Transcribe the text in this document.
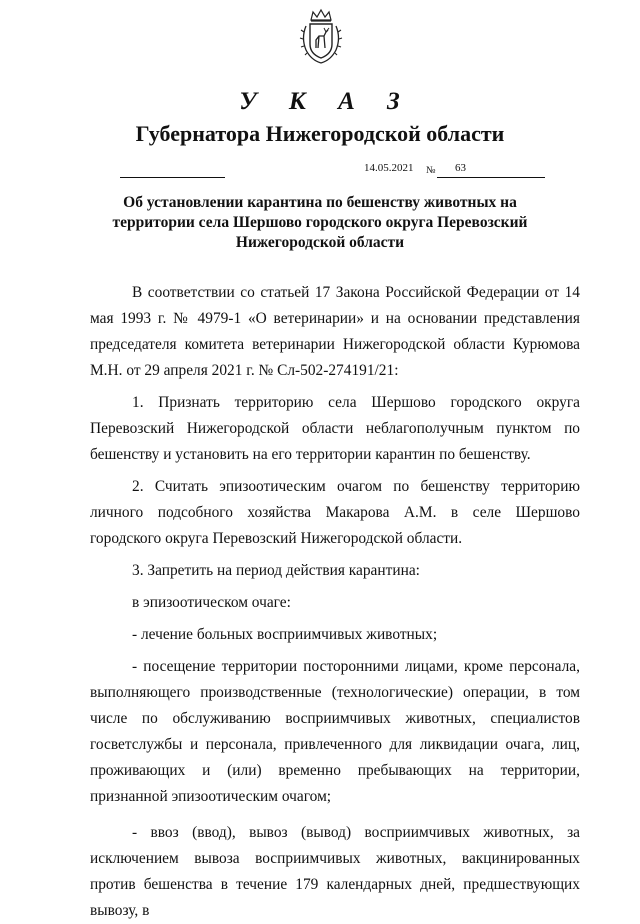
У К А З
Губернатора Нижегородской области
14.05.2021 № 63
Об установлении карантина по бешенству животных на территории села Шершово городского округа Перевозский Нижегородской области

В соответствии со статьей 17 Закона Российской Федерации от 14 мая 1993 г. № 4979-1 «О ветеринарии» и на основании представления председателя комитета ветеринарии Нижегородской области Курюмова М.Н. от 29 апреля 2021 г. № Сл-502-274191/21:

1. Признать территорию села Шершово городского округа Перевозский Нижегородской области неблагополучным пунктом по бешенству и установить на его территории карантин по бешенству.

2. Считать эпизоотическим очагом по бешенству территорию личного подсобного хозяйства Макарова А.М. в селе Шершово городского округа Перевозский Нижегородской области.

3. Запретить на период действия карантина:

в эпизоотическом очаге:

- лечение больных восприимчивых животных;

- посещение территории посторонними лицами, кроме персонала, выполняющего производственные (технологические) операции, в том числе по обслуживанию восприимчивых животных, специалистов госветслужбы и персонала, привлеченного для ликвидации очага, лиц, проживающих и (или) временно пребывающих на территории, признанной эпизоотическим очагом;

- ввоз (ввод), вывоз (вывод) восприимчивых животных, за исключением вывоза восприимчивых животных, вакцинированных против бешенства в течение 179 календарных дней, предшествующих вывозу, в
